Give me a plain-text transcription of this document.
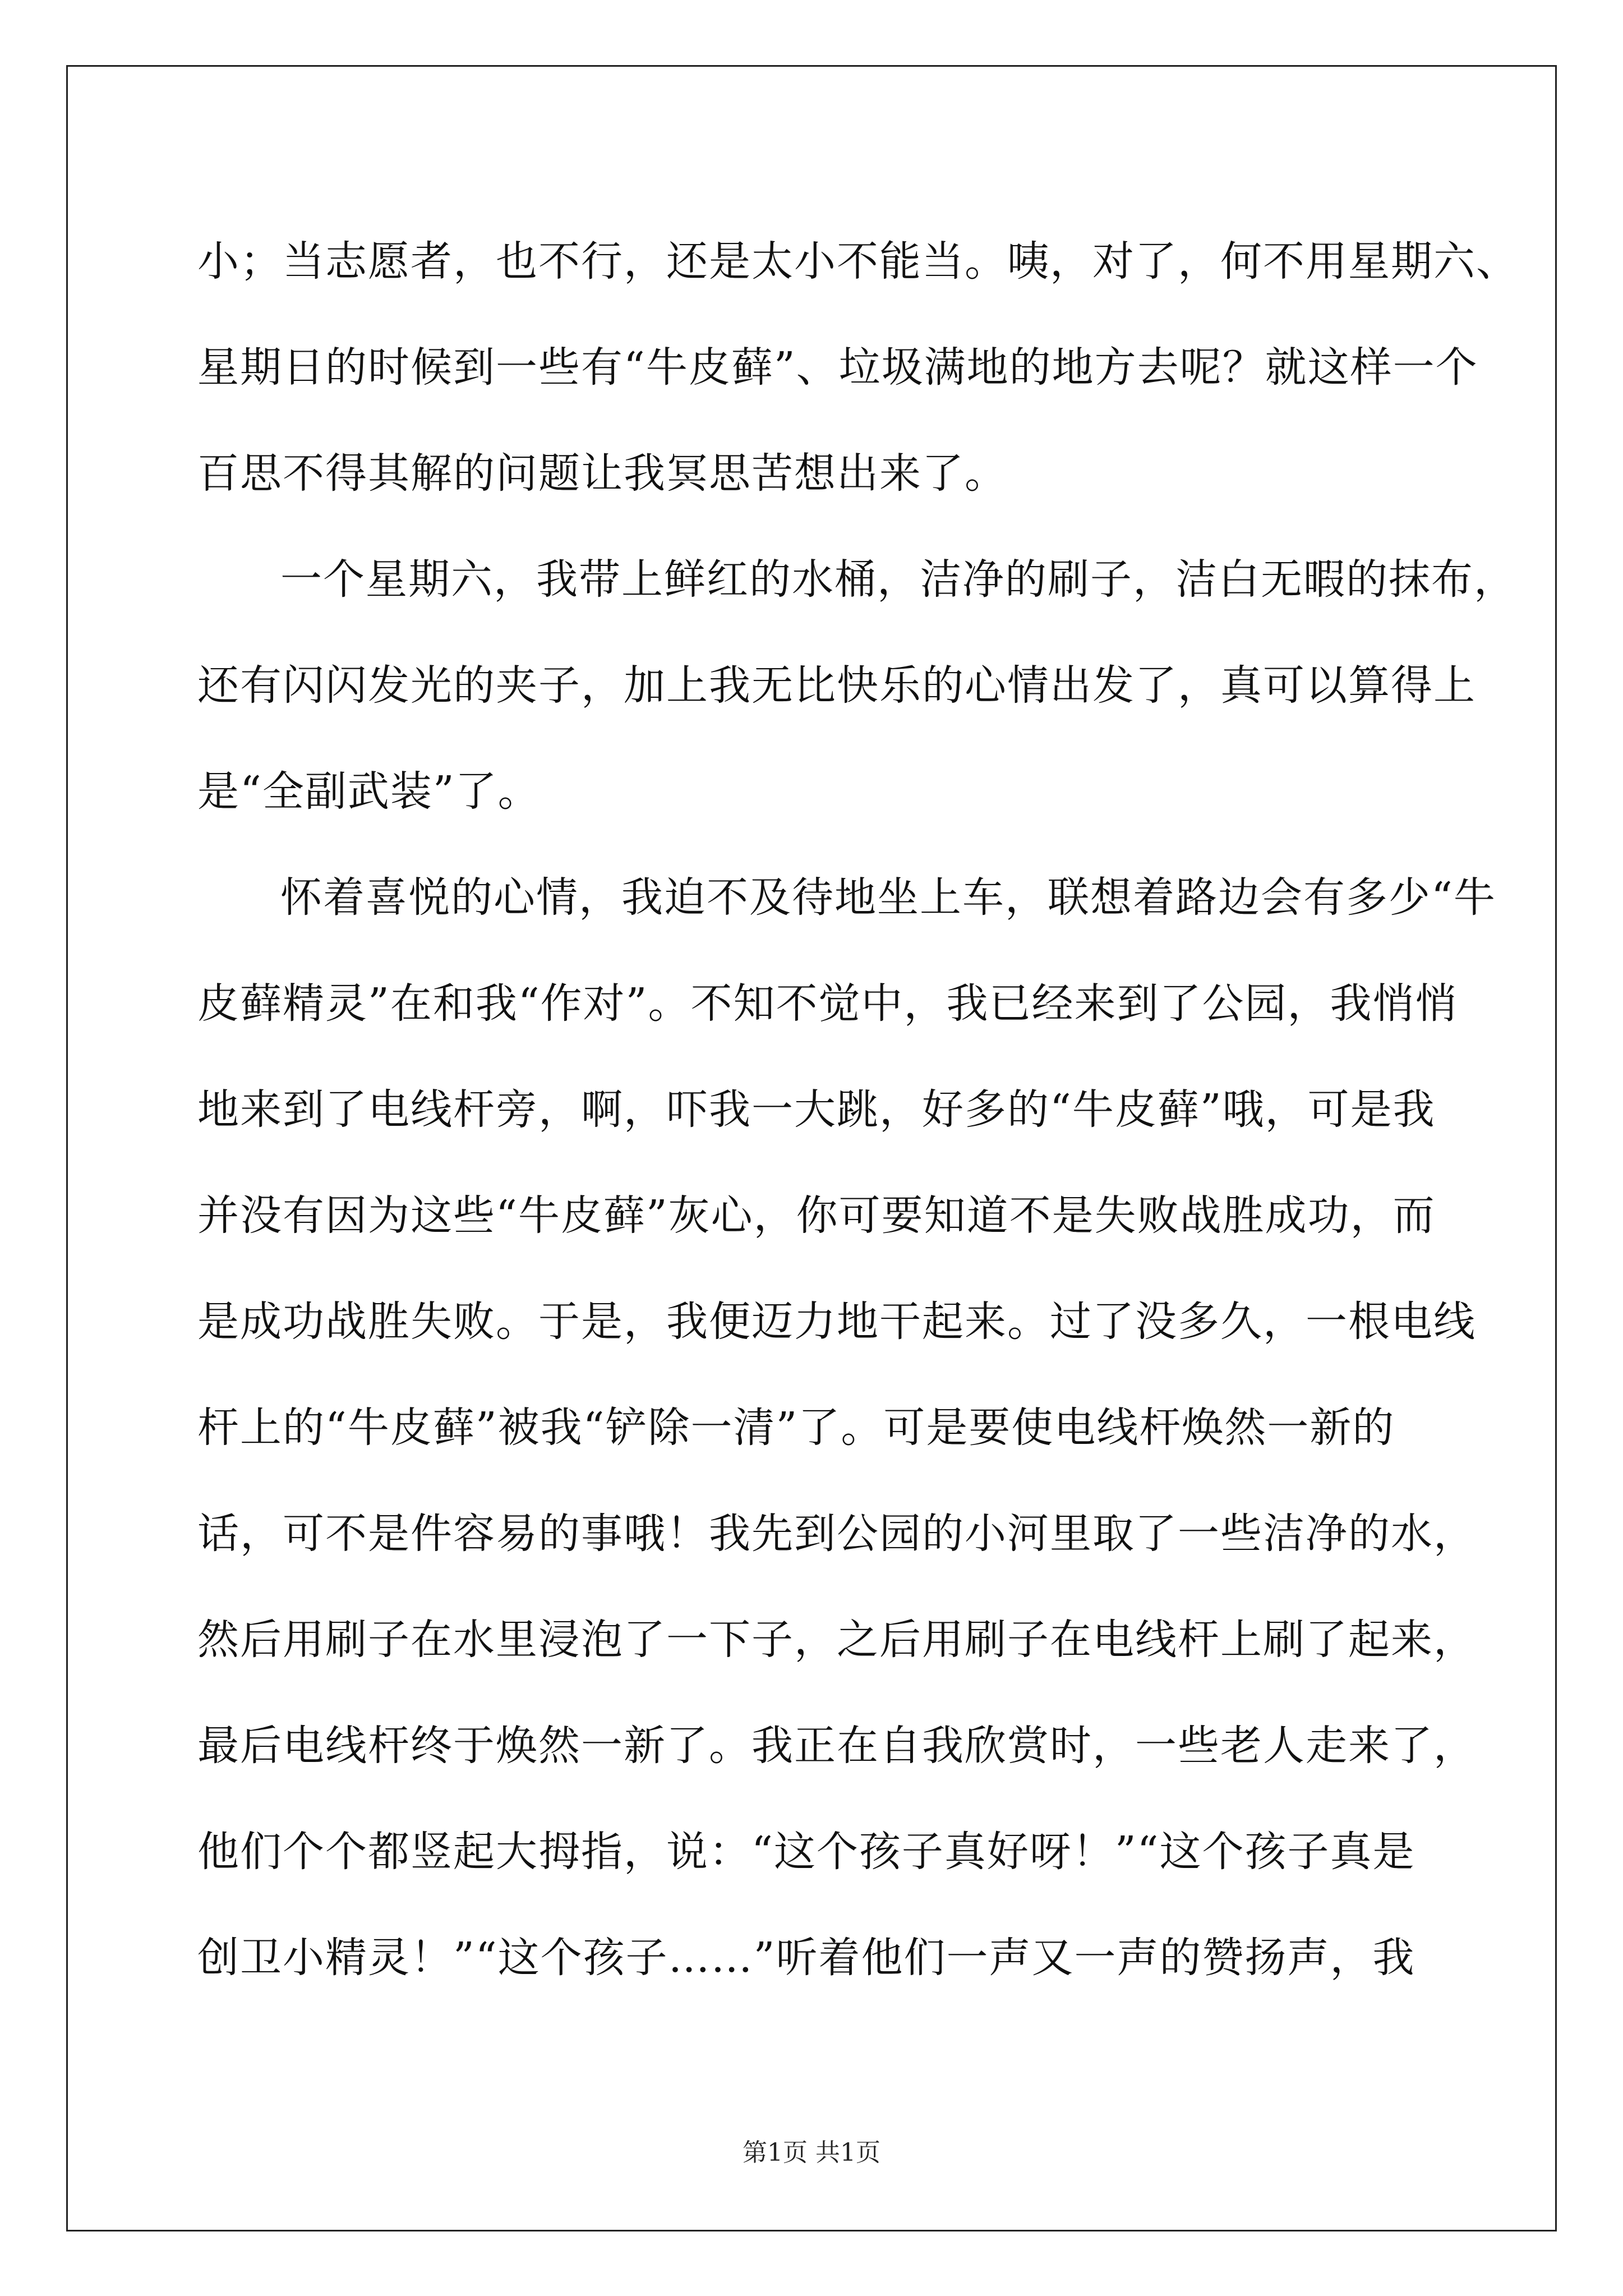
小；当志愿者，也不行，还是太小不能当。咦，对了，何不用星期六、
星期日的时候到一些有“牛皮藓”、垃圾满地的地方去呢？就这样一个
百思不得其解的问题让我冥思苦想出来了。
一个星期六，我带上鲜红的水桶，洁净的刷子，洁白无暇的抹布，
还有闪闪发光的夹子，加上我无比快乐的心情出发了，真可以算得上
是“全副武装”了。
怀着喜悦的心情，我迫不及待地坐上车，联想着路边会有多少“牛
皮藓精灵”在和我“作对”。不知不觉中，我已经来到了公园，我悄悄
地来到了电线杆旁，啊，吓我一大跳，好多的“牛皮藓”哦，可是我
并没有因为这些“牛皮藓”灰心，你可要知道不是失败战胜成功，而
是成功战胜失败。于是，我便迈力地干起来。过了没多久，一根电线
杆上的“牛皮藓”被我“铲除一清”了。可是要使电线杆焕然一新的
话，可不是件容易的事哦！我先到公园的小河里取了一些洁净的水，
然后用刷子在水里浸泡了一下子，之后用刷子在电线杆上刷了起来，
最后电线杆终于焕然一新了。我正在自我欣赏时，一些老人走来了，
他们个个都竖起大拇指，说：“这个孩子真好呀！”“这个孩子真是
创卫小精灵！”“这个孩子……”听着他们一声又一声的赞扬声，我
第1页 共1页
